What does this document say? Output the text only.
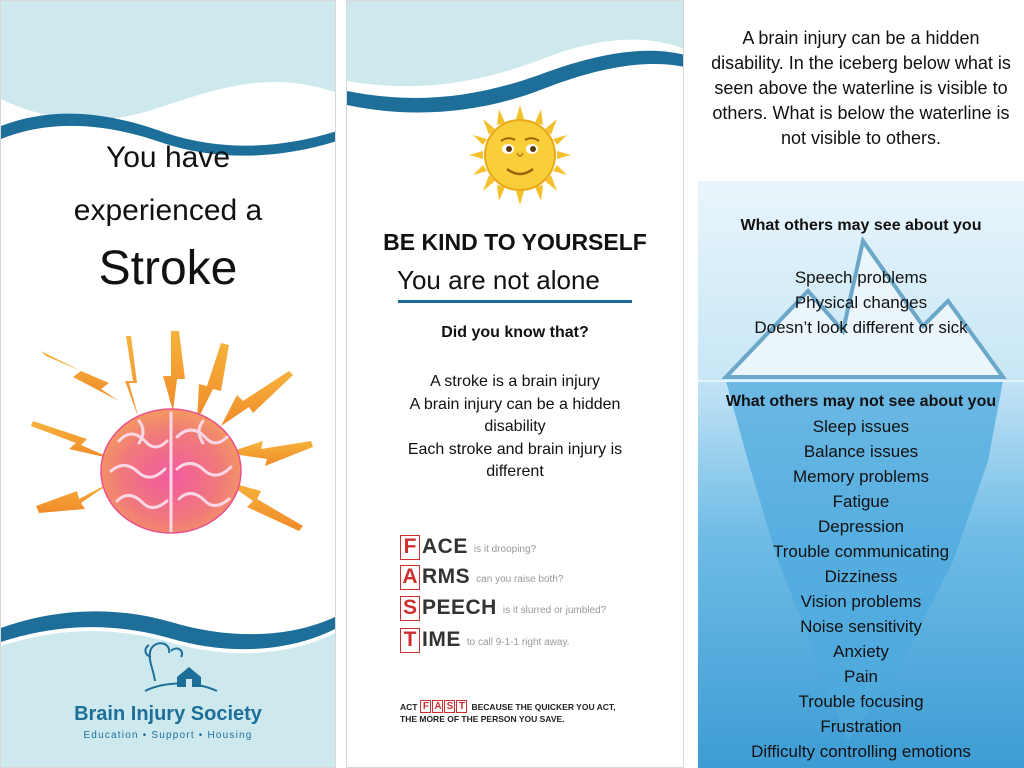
You have
experienced a
Stroke
Brain Injury Society
Education • Support • Housing
BE KIND TO YOURSELF
You are not alone
Did you know that?
A stroke is a brain injury
A brain injury can be a hidden disability
Each stroke and brain injury is different
F ACE is it drooping?
A RMS can you raise both?
S PEECH is it slurred or jumbled?
T IME to call 9-1-1 right away.
ACT F A S T BECAUSE THE QUICKER YOU ACT,
THE MORE OF THE PERSON YOU SAVE.
A brain injury can be a hidden disability. In the iceberg below what is seen above the waterline is visible to others. What is below the waterline is not visible to others.
What others may see about you
Speech problems
Physical changes
Doesn’t look different or sick
What others may not see about you
Sleep issues
Balance issues
Memory problems
Fatigue
Depression
Trouble communicating
Dizziness
Vision problems
Noise sensitivity
Anxiety
Pain
Trouble focusing
Frustration
Difficulty controlling emotions
